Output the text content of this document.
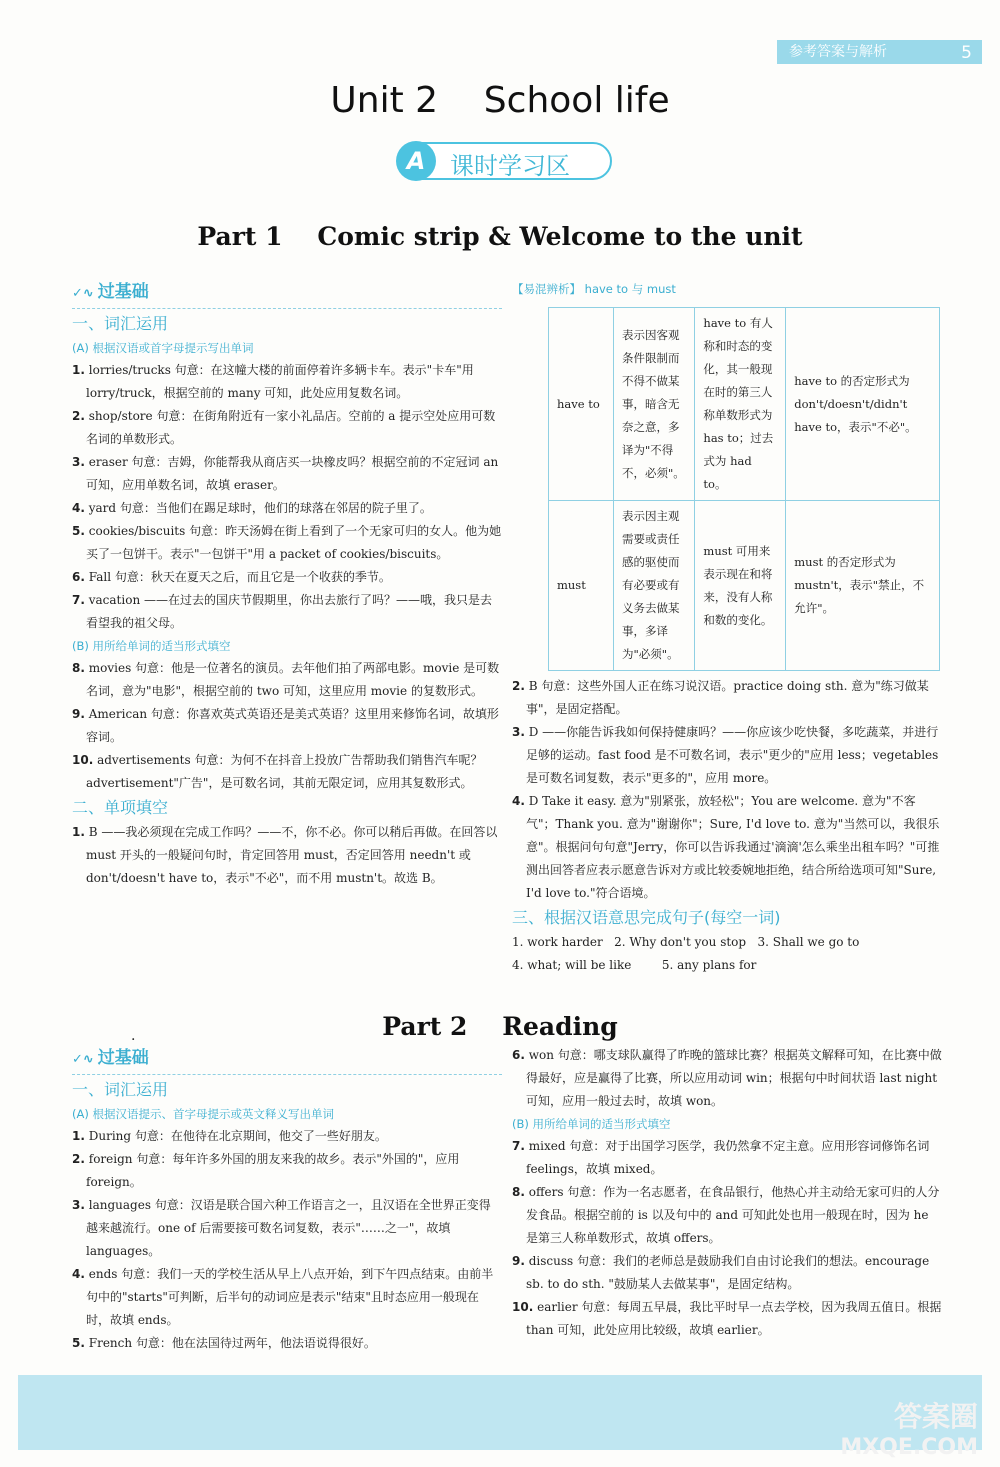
参考答案与解析	5
Unit 2    School life
A	课时学习区
Part 1    Comic strip & Welcome to the unit
✓∿ 过基础
一、词汇运用
(A) 根据汉语或首字母提示写出单词

1. lorries/trucks 句意：在这幢大楼的前面停着许多辆卡车。表示"卡车"用 lorry/truck，根据空前的 many 可知，此处应用复数名词。

2. shop/store 句意：在街角附近有一家小礼品店。空前的 a 提示空处应用可数名词的单数形式。

3. eraser 句意：吉姆，你能帮我从商店买一块橡皮吗？根据空前的不定冠词 an 可知，应用单数名词，故填 eraser。

4. yard 句意：当他们在踢足球时，他们的球落在邻居的院子里了。

5. cookies/biscuits 句意：昨天汤姆在街上看到了一个无家可归的女人。他为她买了一包饼干。表示"一包饼干"用 a packet of cookies/biscuits。

6. Fall 句意：秋天在夏天之后，而且它是一个收获的季节。

7. vacation ——在过去的国庆节假期里，你出去旅行了吗？——哦，我只是去看望我的祖父母。

(B) 用所给单词的适当形式填空

8. movies 句意：他是一位著名的演员。去年他们拍了两部电影。movie 是可数名词，意为"电影"，根据空前的 two 可知，这里应用 movie 的复数形式。

9. American 句意：你喜欢英式英语还是美式英语？这里用来修饰名词，故填形容词。

10. advertisements 句意：为何不在抖音上投放广告帮助我们销售汽车呢？advertisement"广告"，是可数名词，其前无限定词，应用其复数形式。

二、单项填空

1. B ——我必须现在完成工作吗？——不，你不必。你可以稍后再做。在回答以 must 开头的一般疑问句时，肯定回答用 must，否定回答用 needn't 或 don't/doesn't have to，表示"不必"，而不用 mustn't。故选 B。

【易混辨析】 have to 与 must
have to	表示因客观条件限制而不得不做某事，暗含无奈之意，多译为"不得不，必须"。	have to 有人称和时态的变化，其一般现在时的第三人称单数形式为 has to；过去式为 had to。	have to 的否定形式为 don't/doesn't/didn't have to，表示"不必"。
must	表示因主观需要或责任感的驱使而有必要或有义务去做某事，多译为"必须"。	must 可用来表示现在和将来，没有人称和数的变化。	must 的否定形式为 mustn't，表示"禁止，不允许"。

2. B 句意：这些外国人正在练习说汉语。practice doing sth. 意为"练习做某事"，是固定搭配。

3. D ——你能告诉我如何保持健康吗？——你应该少吃快餐，多吃蔬菜，并进行足够的运动。fast food 是不可数名词，表示"更少的"应用 less；vegetables 是可数名词复数，表示"更多的"，应用 more。

4. D Take it easy. 意为"别紧张，放轻松"；You are welcome. 意为"不客气"；Thank you. 意为"谢谢你"；Sure, I'd love to. 意为"当然可以，我很乐意"。根据问句句意"Jerry，你可以告诉我通过'滴滴'怎么乘坐出租车吗？"可推测出回答者应表示愿意告诉对方或比较委婉地拒绝，结合所给选项可知"Sure, I'd love to."符合语境。

三、根据汉语意思完成句子(每空一词)

1. work harder   2. Why don't you stop   3. Shall we go to

4. what; will be like        5. any plans for

.	Part 2    Reading
✓∿ 过基础
一、词汇运用
(A) 根据汉语提示、首字母提示或英文释义写出单词

1. During 句意：在他待在北京期间，他交了一些好朋友。

2. foreign 句意：每年许多外国的朋友来我的故乡。表示"外国的"，应用 foreign。

3. languages 句意：汉语是联合国六种工作语言之一，且汉语在全世界正变得越来越流行。one of 后需要接可数名词复数，表示"……之一"，故填 languages。

4. ends 句意：我们一天的学校生活从早上八点开始，到下午四点结束。由前半句中的"starts"可判断，后半句的动词应是表示"结束"且时态应用一般现在时，故填 ends。

5. French 句意：他在法国待过两年，他法语说得很好。

6. won 句意：哪支球队赢得了昨晚的篮球比赛？根据英文解释可知，在比赛中做得最好，应是赢得了比赛，所以应用动词 win；根据句中时间状语 last night 可知，应用一般过去时，故填 won。

(B) 用所给单词的适当形式填空

7. mixed 句意：对于出国学习医学，我仍然拿不定主意。应用形容词修饰名词 feelings，故填 mixed。

8. offers 句意：作为一名志愿者，在食品银行，他热心并主动给无家可归的人分发食品。根据空前的 is 以及句中的 and 可知此处也用一般现在时，因为 he 是第三人称单数形式，故填 offers。

9. discuss 句意：我们的老师总是鼓励我们自由讨论我们的想法。encourage sb. to do sth. "鼓励某人去做某事"，是固定结构。

10. earlier 句意：每周五早晨，我比平时早一点去学校，因为我周五值日。根据 than 可知，此处应用比较级，故填 earlier。

答案圈
MXQE.COM
